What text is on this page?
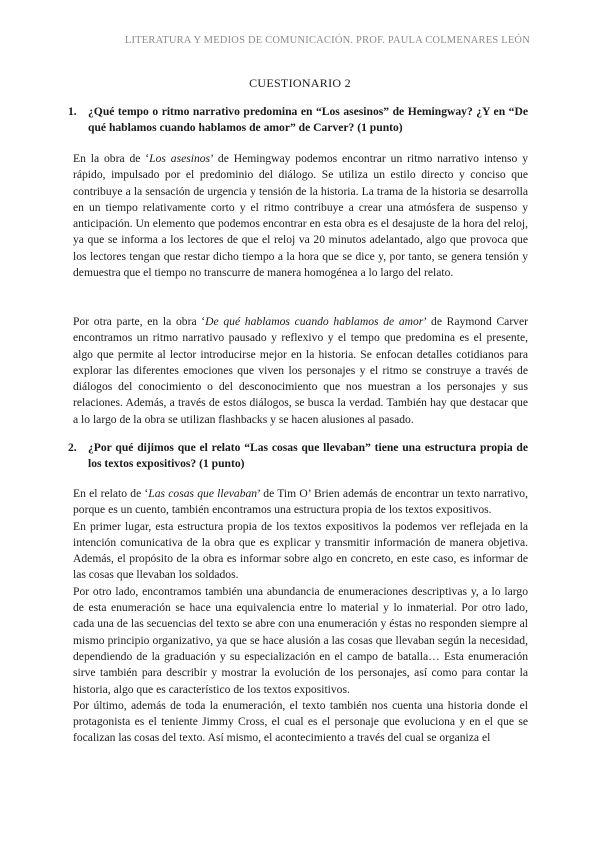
LITERATURA Y MEDIOS DE COMUNICACIÓN. PROF. PAULA COLMENARES LEÓN
CUESTIONARIO 2
1. ¿Qué tempo o ritmo narrativo predomina en “Los asesinos” de Hemingway? ¿Y en “De qué hablamos cuando hablamos de amor” de Carver? (1 punto)

En la obra de ‘Los asesinos’ de Hemingway podemos encontrar un ritmo narrativo intenso y rápido, impulsado por el predominio del diálogo. Se utiliza un estilo directo y conciso que contribuye a la sensación de urgencia y tensión de la historia. La trama de la historia se desarrolla en un tiempo relativamente corto y el ritmo contribuye a crear una atmósfera de suspenso y anticipación. Un elemento que podemos encontrar en esta obra es el desajuste de la hora del reloj, ya que se informa a los lectores de que el reloj va 20 minutos adelantado, algo que provoca que los lectores tengan que restar dicho tiempo a la hora que se dice y, por tanto, se genera tensión y demuestra que el tiempo no transcurre de manera homogénea a lo largo del relato.

Por otra parte, en la obra ‘De qué hablamos cuando hablamos de amor’ de Raymond Carver encontramos un ritmo narrativo pausado y reflexivo y el tempo que predomina es el presente, algo que permite al lector introducirse mejor en la historia. Se enfocan detalles cotidianos para explorar las diferentes emociones que viven los personajes y el ritmo se construye a través de diálogos del conocimiento o del desconocimiento que nos muestran a los personajes y sus relaciones. Además, a través de estos diálogos, se busca la verdad. También hay que destacar que a lo largo de la obra se utilizan flashbacks y se hacen alusiones al pasado.

2. ¿Por qué dijimos que el relato “Las cosas que llevaban” tiene una estructura propia de los textos expositivos? (1 punto)

En el relato de ‘Las cosas que llevaban’ de Tim O’ Brien además de encontrar un texto narrativo, porque es un cuento, también encontramos una estructura propia de los textos expositivos.

En primer lugar, esta estructura propia de los textos expositivos la podemos ver reflejada en la intención comunicativa de la obra que es explicar y transmitir información de manera objetiva. Además, el propósito de la obra es informar sobre algo en concreto, en este caso, es informar de las cosas que llevaban los soldados.

Por otro lado, encontramos también una abundancia de enumeraciones descriptivas y, a lo largo de esta enumeración se hace una equivalencia entre lo material y lo inmaterial. Por otro lado, cada una de las secuencias del texto se abre con una enumeración y éstas no responden siempre al mismo principio organizativo, ya que se hace alusión a las cosas que llevaban según la necesidad, dependiendo de la graduación y su especialización en el campo de batalla… Esta enumeración sirve también para describir y mostrar la evolución de los personajes, así como para contar la historia, algo que es característico de los textos expositivos.

Por último, además de toda la enumeración, el texto también nos cuenta una historia donde el protagonista es el teniente Jimmy Cross, el cual es el personaje que evoluciona y en el que se focalizan las cosas del texto. Así mismo, el acontecimiento a través del cual se organiza el
